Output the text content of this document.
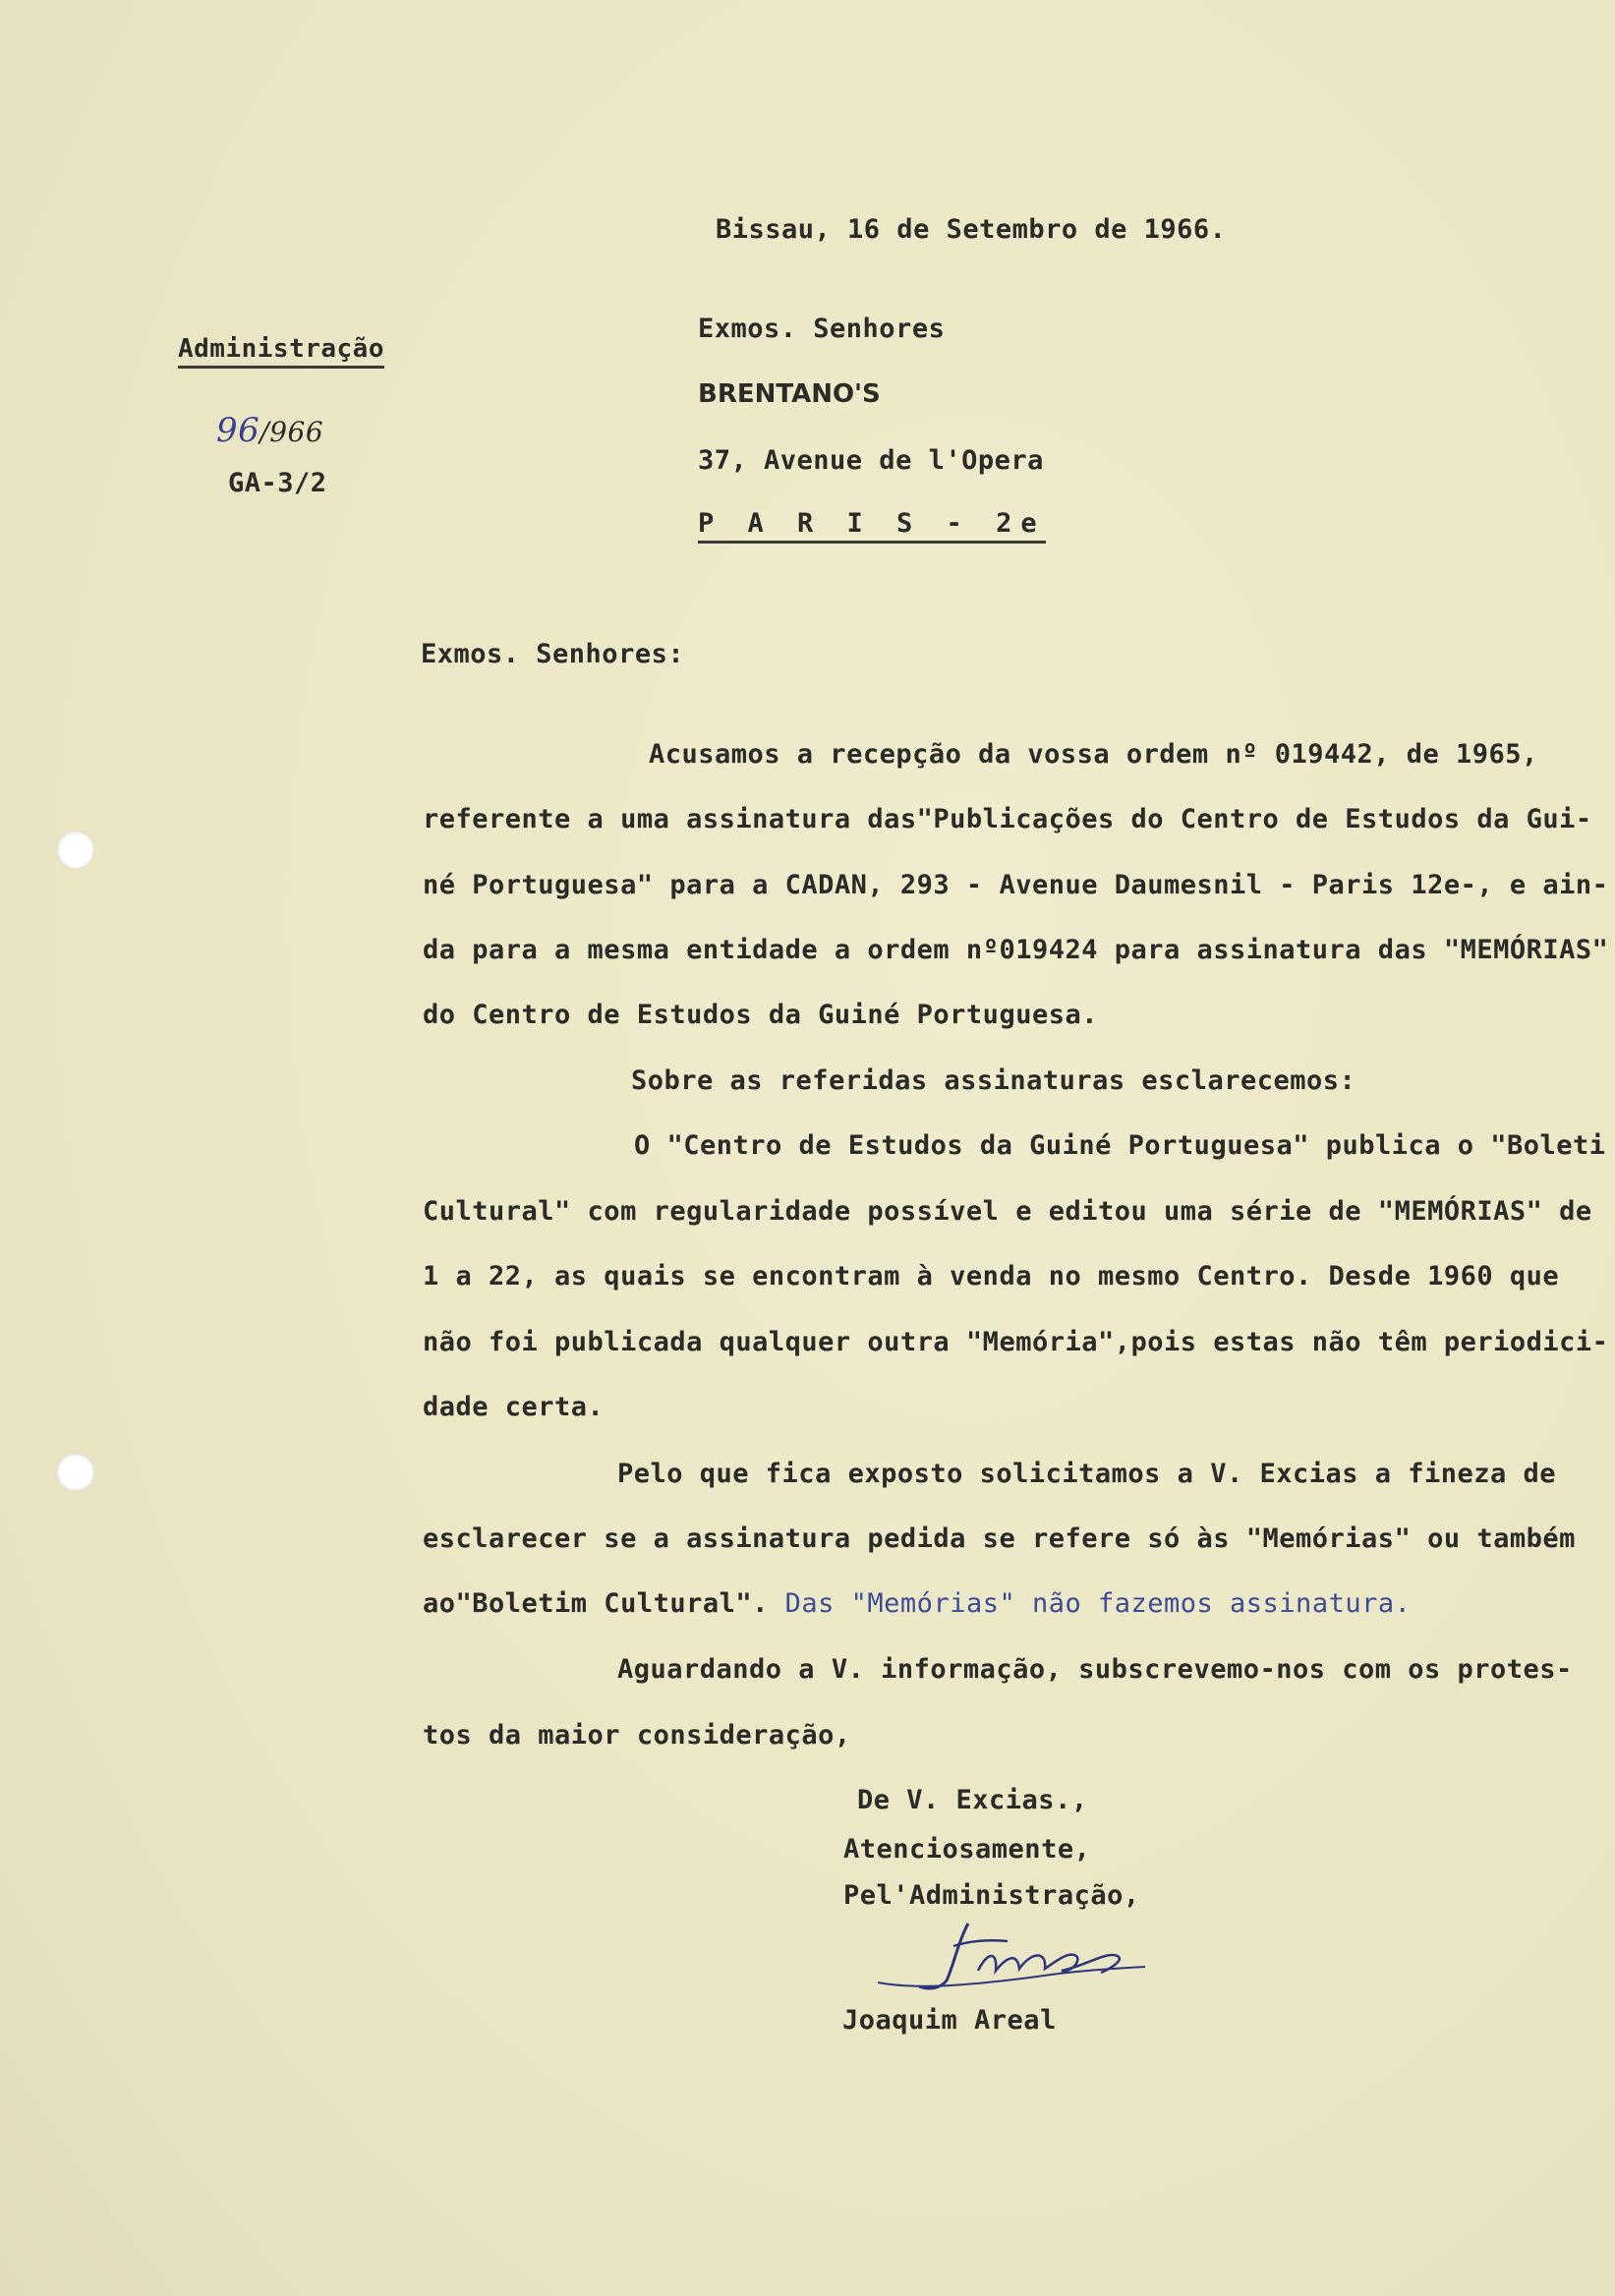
Bissau, 16 de Setembro de 1966.
Administração
96/966
GA-3/2
Exmos. Senhores
BRENTANO'S
37, Avenue de l'Opera
P A R I S - 2e
Exmos. Senhores:
Acusamos a recepção da vossa ordem nº 019442, de 1965,
referente a uma assinatura das"Publicações do Centro de Estudos da Gui-
né Portuguesa" para a CADAN, 293 - Avenue Daumesnil - Paris 12e-, e ain-
da para a mesma entidade a ordem nº019424 para assinatura das "MEMÓRIAS"
do Centro de Estudos da Guiné Portuguesa.
Sobre as referidas assinaturas esclarecemos:
O "Centro de Estudos da Guiné Portuguesa" publica o "Boleti
Cultural" com regularidade possível e editou uma série de "MEMÓRIAS" de
1 a 22, as quais se encontram à venda no mesmo Centro. Desde 1960 que
não foi publicada qualquer outra "Memória",pois estas não têm periodici-
dade certa.
Pelo que fica exposto solicitamos a V. Excias a fineza de
esclarecer se a assinatura pedida se refere só às "Memórias" ou também
ao"Boletim Cultural". Das "Memórias" não fazemos assinatura.
Aguardando a V. informação, subscrevemo-nos com os protes-
tos da maior consideração,
De V. Excias.,
Atenciosamente,
Pel'Administração,
Joaquim Areal
